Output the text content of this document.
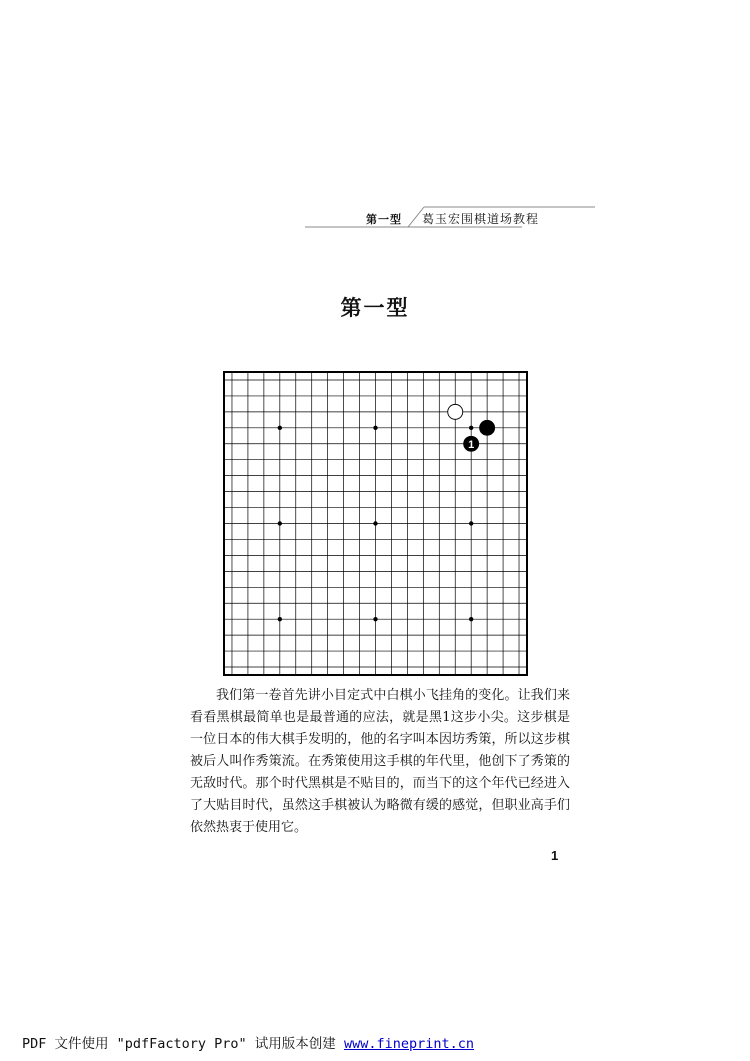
第一型 葛玉宏围棋道场教程
第一型
1

我们第一卷首先讲小目定式中白棋小飞挂角的变化。让我们来看看黑棋最简单也是最普通的应法，就是黑1这步小尖。这步棋是一位日本的伟大棋手发明的，他的名字叫本因坊秀策，所以这步棋被后人叫作秀策流。在秀策使用这手棋的年代里，他创下了秀策的无敌时代。那个时代黑棋是不贴目的，而当下的这个年代已经进入了大贴目时代，虽然这手棋被认为略微有缓的感觉，但职业高手们依然热衷于使用它。

1
PDF 文件使用 "pdfFactory Pro" 试用版本创建 www.fineprint.cn
